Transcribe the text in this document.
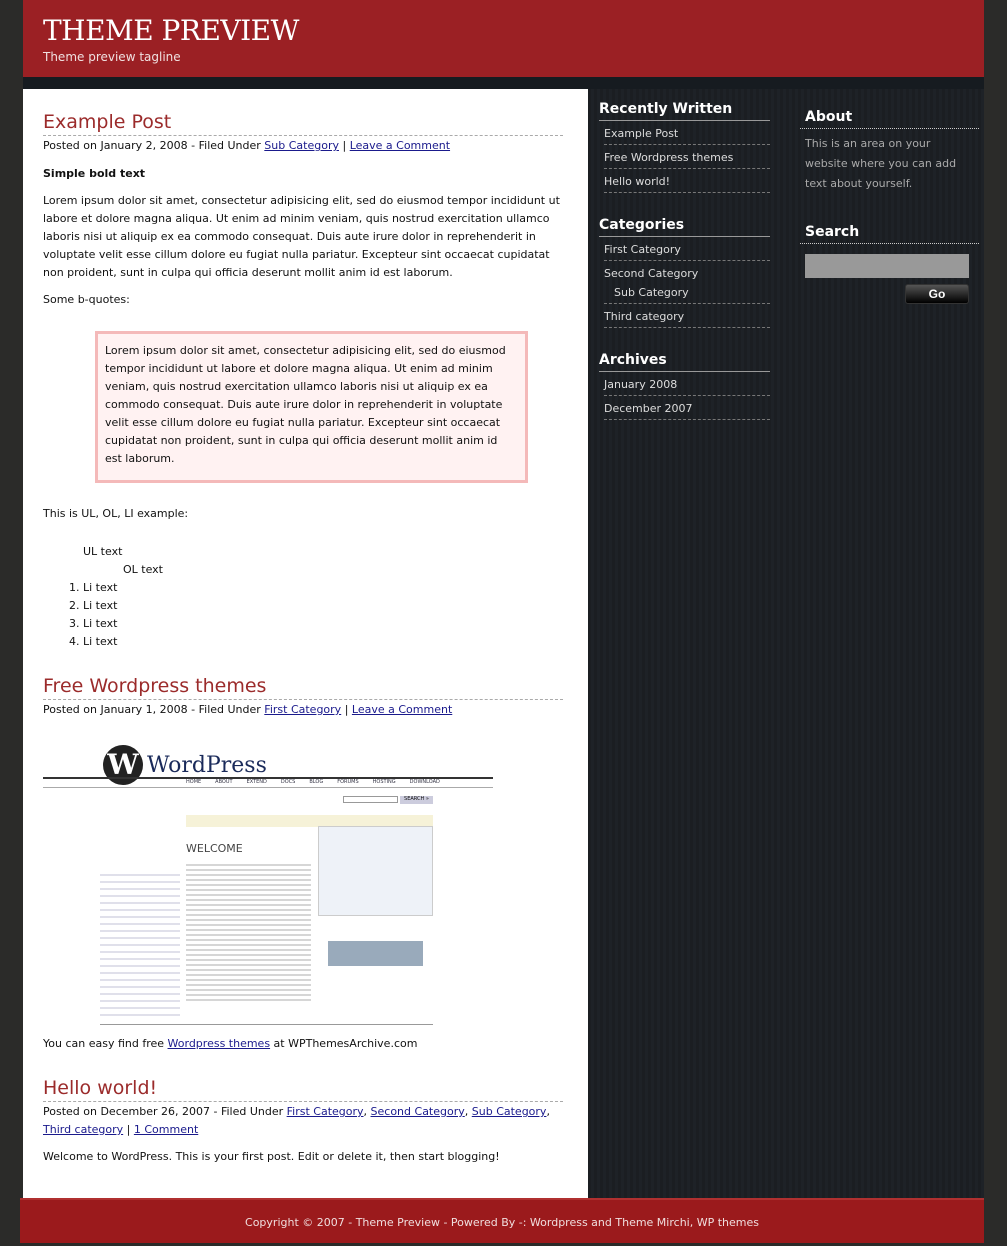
THEME PREVIEW
Theme preview tagline
Example Post
Posted on January 2, 2008 - Filed Under Sub Category | Leave a Comment

Simple bold text

Lorem ipsum dolor sit amet, consectetur adipisicing elit, sed do eiusmod tempor incididunt ut labore et dolore magna aliqua. Ut enim ad minim veniam, quis nostrud exercitation ullamco laboris nisi ut aliquip ex ea commodo consequat. Duis aute irure dolor in reprehenderit in voluptate velit esse cillum dolore eu fugiat nulla pariatur. Excepteur sint occaecat cupidatat non proident, sunt in culpa qui officia deserunt mollit anim id est laborum.

Some b-quotes:

Lorem ipsum dolor sit amet, consectetur adipisicing elit, sed do eiusmod tempor incididunt ut labore et dolore magna aliqua. Ut enim ad minim veniam, quis nostrud exercitation ullamco laboris nisi ut aliquip ex ea commodo consequat. Duis aute irure dolor in reprehenderit in voluptate velit esse cillum dolore eu fugiat nulla pariatur. Excepteur sint occaecat cupidatat non proident, sunt in culpa qui officia deserunt mollit anim id est laborum.

This is UL, OL, LI example:

UL text
OL text
1. Li text
2. Li text
3. Li text
4. Li text
Free Wordpress themes
Posted on January 1, 2008 - Filed Under First Category | Leave a Comment
W WordPress
HOME	ABOUT	EXTEND	DOCS	BLOG	FORUMS	HOSTING	DOWNLOAD
SEARCH »
WELCOME

You can easy find free Wordpress themes at WPThemesArchive.com

Hello world!
Posted on December 26, 2007 - Filed Under First Category, Second Category, Sub Category, Third category | 1 Comment

Welcome to WordPress. This is your first post. Edit or delete it, then start blogging!

Recently Written
Example Post
Free Wordpress themes
Hello world!
Categories
First Category
Second Category
Sub Category
Third category
Archives
January 2008
December 2007
About
This is an area on your website where you can add text about yourself.
Search
Go
Copyright © 2007 - Theme Preview - Powered By -: Wordpress and Theme Mirchi, WP themes
